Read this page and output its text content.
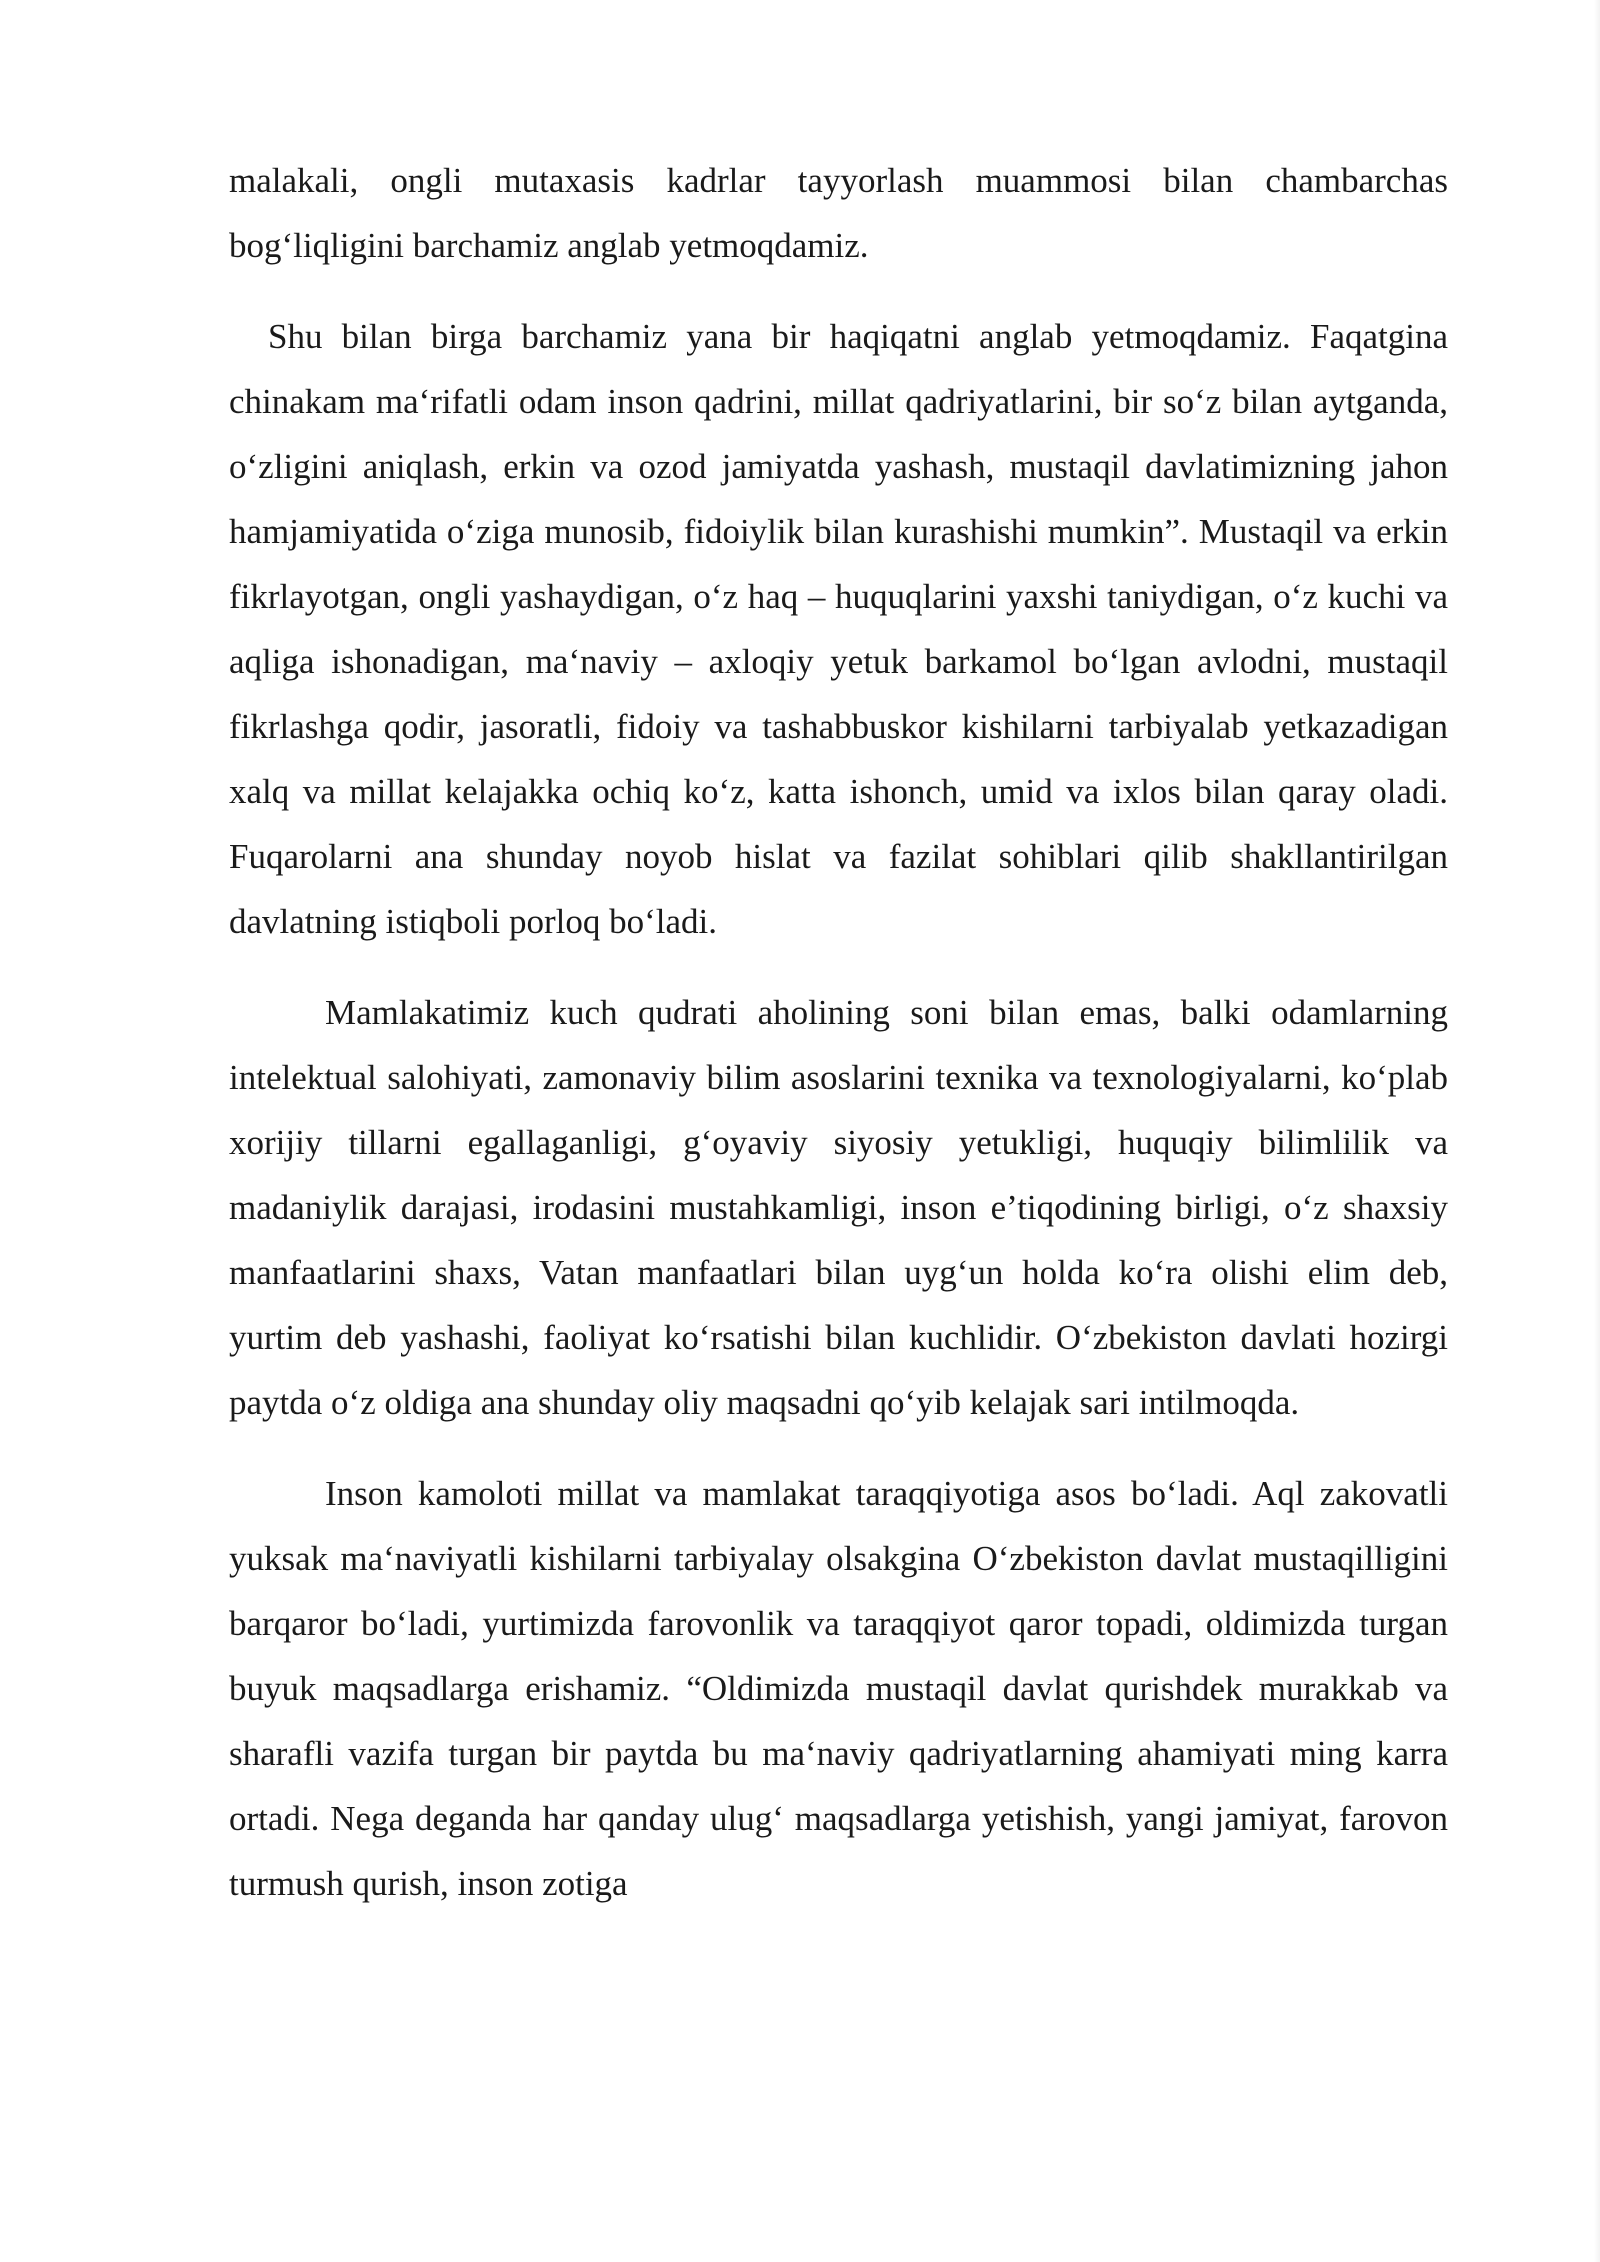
malakali, ongli mutaxasis kadrlar tayyorlash muammosi bilan chambarchas bog‘liqligini barchamiz anglab yetmoqdamiz.

Shu bilan birga barchamiz yana bir haqiqatni anglab yetmoqdamiz. Faqatgina chinakam ma‘rifatli odam inson qadrini, millat qadriyatlarini, bir so‘z bilan aytganda, o‘zligini aniqlash, erkin va ozod jamiyatda yashash, mustaqil davlatimizning jahon hamjamiyatida o‘ziga munosib, fidoiylik bilan kurashishi mumkin”. Mustaqil va erkin fikrlayotgan, ongli yashaydigan, o‘z haq – huquqlarini yaxshi taniydigan, o‘z kuchi va aqliga ishonadigan, ma‘naviy – axloqiy yetuk barkamol bo‘lgan avlodni, mustaqil fikrlashga qodir, jasoratli, fidoiy va tashabbuskor kishilarni tarbiyalab yetkazadigan xalq va millat kelajakka ochiq ko‘z, katta ishonch, umid va ixlos bilan qaray oladi. Fuqarolarni ana shunday noyob hislat va fazilat sohiblari qilib shakllantirilgan davlatning istiqboli porloq bo‘ladi.

Mamlakatimiz kuch qudrati aholining soni bilan emas, balki odamlarning intelektual salohiyati, zamonaviy bilim asoslarini texnika va texnologiyalarni, ko‘plab xorijiy tillarni egallaganligi, g‘oyaviy siyosiy yetukligi, huquqiy bilimlilik va madaniylik darajasi, irodasini mustahkamligi, inson e’tiqodining birligi, o‘z shaxsiy manfaatlarini shaxs, Vatan manfaatlari bilan uyg‘un holda ko‘ra olishi elim deb, yurtim deb yashashi, faoliyat ko‘rsatishi bilan kuchlidir. O‘zbekiston davlati hozirgi paytda o‘z oldiga ana shunday oliy maqsadni qo‘yib kelajak sari intilmoqda.

Inson kamoloti millat va mamlakat taraqqiyotiga asos bo‘ladi. Aql zakovatli yuksak ma‘naviyatli kishilarni tarbiyalay olsakgina O‘zbekiston davlat mustaqilligini barqaror bo‘ladi, yurtimizda farovonlik va taraqqiyot qaror topadi, oldimizda turgan buyuk maqsadlarga erishamiz. “Oldimizda mustaqil davlat qurishdek murakkab va sharafli vazifa turgan bir paytda bu ma‘naviy qadriyatlarning ahamiyati ming karra ortadi. Nega deganda har qanday ulug‘ maqsadlarga yetishish, yangi jamiyat, farovon turmush qurish, inson zotiga
